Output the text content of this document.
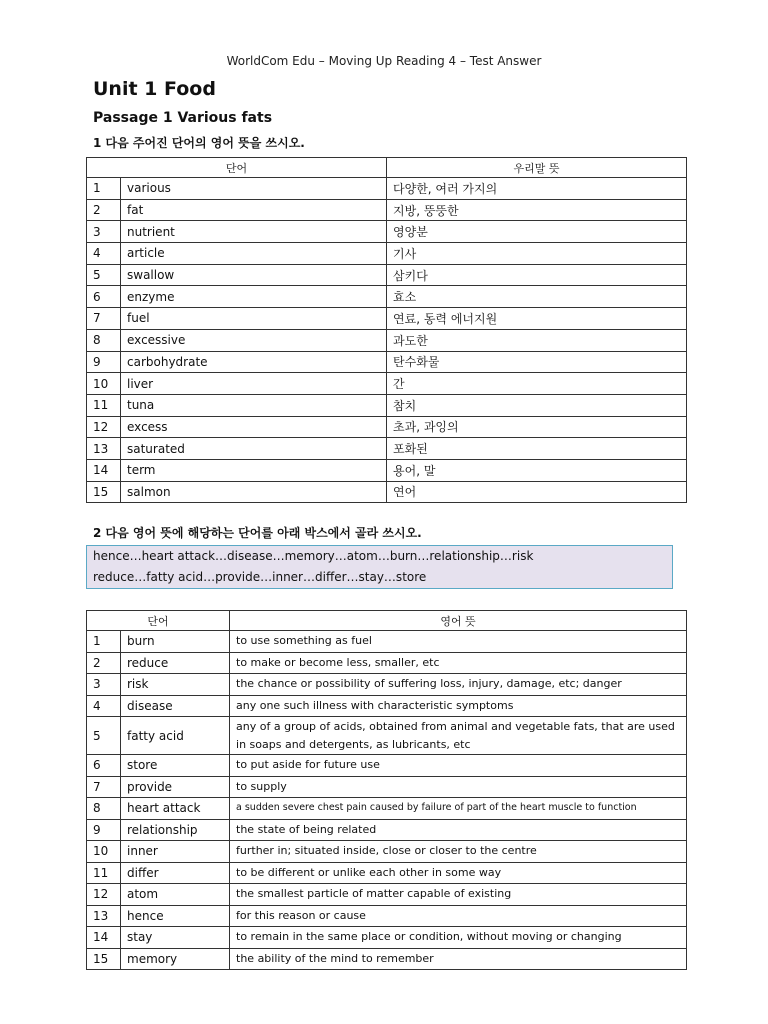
WorldCom Edu – Moving Up Reading 4 – Test Answer
Unit 1 Food
Passage 1 Various fats
1 다음 주어진 단어의 영어 뜻을 쓰시오.
단어		우리말 뜻
1	various	다양한, 여러 가지의
2	fat	지방, 뚱뚱한
3	nutrient	영양분
4	article	기사
5	swallow	삼키다
6	enzyme	효소
7	fuel	연료, 동력 에너지원
8	excessive	과도한
9	carbohydrate	탄수화물
10	liver	간
11	tuna	참치
12	excess	초과, 과잉의
13	saturated	포화된
14	term	용어, 말
15	salmon	연어
2 다음 영어 뜻에 해당하는 단어를 아래 박스에서 골라 쓰시오.
hence…heart attack…disease…memory…atom…burn…relationship…risk
reduce…fatty acid…provide…inner…differ…stay…store
단어		영어 뜻
1	burn	to use something as fuel
2	reduce	to make or become less, smaller, etc
3	risk	the chance or possibility of suffering loss, injury, damage, etc; danger
4	disease	any one such illness with characteristic symptoms
5	fatty acid	any of a group of acids, obtained from animal and vegetable fats, that are used in soaps and detergents, as lubricants, etc
6	store	to put aside for future use
7	provide	to supply
8	heart attack	a sudden severe chest pain caused by failure of part of the heart muscle to function
9	relationship	the state of being related
10	inner	further in; situated inside, close or closer to the centre
11	differ	to be different or unlike each other in some way
12	atom	the smallest particle of matter capable of existing
13	hence	for this reason or cause
14	stay	to remain in the same place or condition, without moving or changing
15	memory	the ability of the mind to remember
